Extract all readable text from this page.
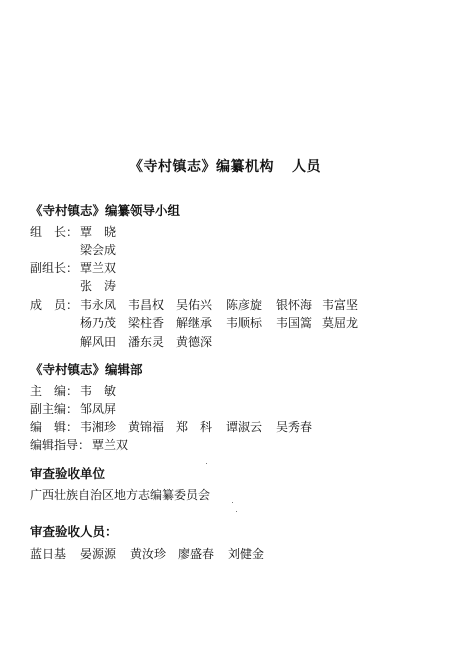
《寺村镇志》编纂机构 人员
《寺村镇志》编纂领导小组
组　长： 覃　晓
梁会成
副组长： 覃兰双
张　涛
成　员： 韦永凤 韦昌权 吴佑兴 陈彦旋 银怀海 韦富坚
杨乃茂 梁柱香 解继承 韦顺标 韦国篙 莫屈龙
解风田 潘东灵 黄德深
《寺村镇志》编辑部
主　编： 韦　敏
副主编： 邹凤屏
编　辑： 韦湘珍 黄锦福 郑　科 谭淑云 吴秀春
编辑指导： 覃兰双
审查验收单位
广西壮族自治区地方志编纂委员会
审查验收人员：
蓝日基 晏源源 黄汝珍 廖盛春 刘健金
